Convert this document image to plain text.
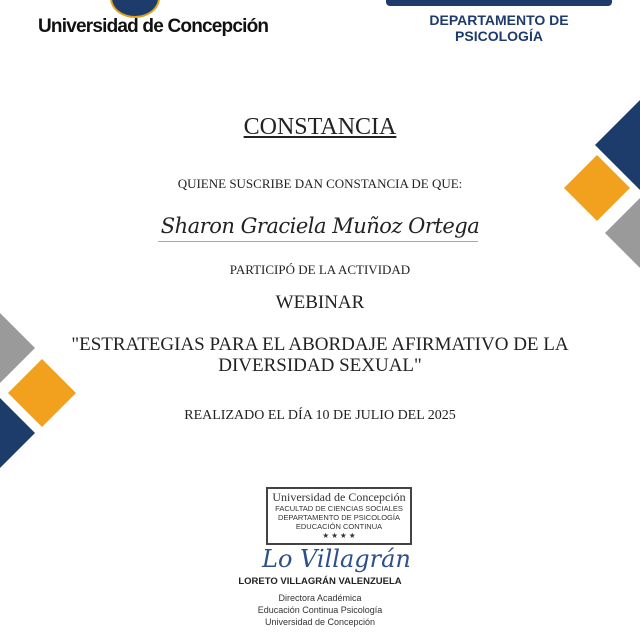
Universidad de Concepción	DEPARTAMENTO DE PSICOLOGÍA
CONSTANCIA
QUIENE SUSCRIBE DAN CONSTANCIA DE QUE:
Sharon Graciela Muñoz Ortega
PARTICIPÓ DE LA ACTIVIDAD
WEBINAR
"ESTRATEGIAS PARA EL ABORDAJE AFIRMATIVO DE LA
DIVERSIDAD SEXUAL"
REALIZADO EL DÍA 10 DE JULIO DEL 2025
Universidad de Concepción
FACULTAD DE CIENCIAS SOCIALES
DEPARTAMENTO DE PSICOLOGÍA
EDUCACIÓN CONTINUA
★ ★ ★ ★
Lo Villagrán
LORETO VILLAGRÁN VALENZUELA
Directora Académica
Educación Continua Psicología
Universidad de Concepción
